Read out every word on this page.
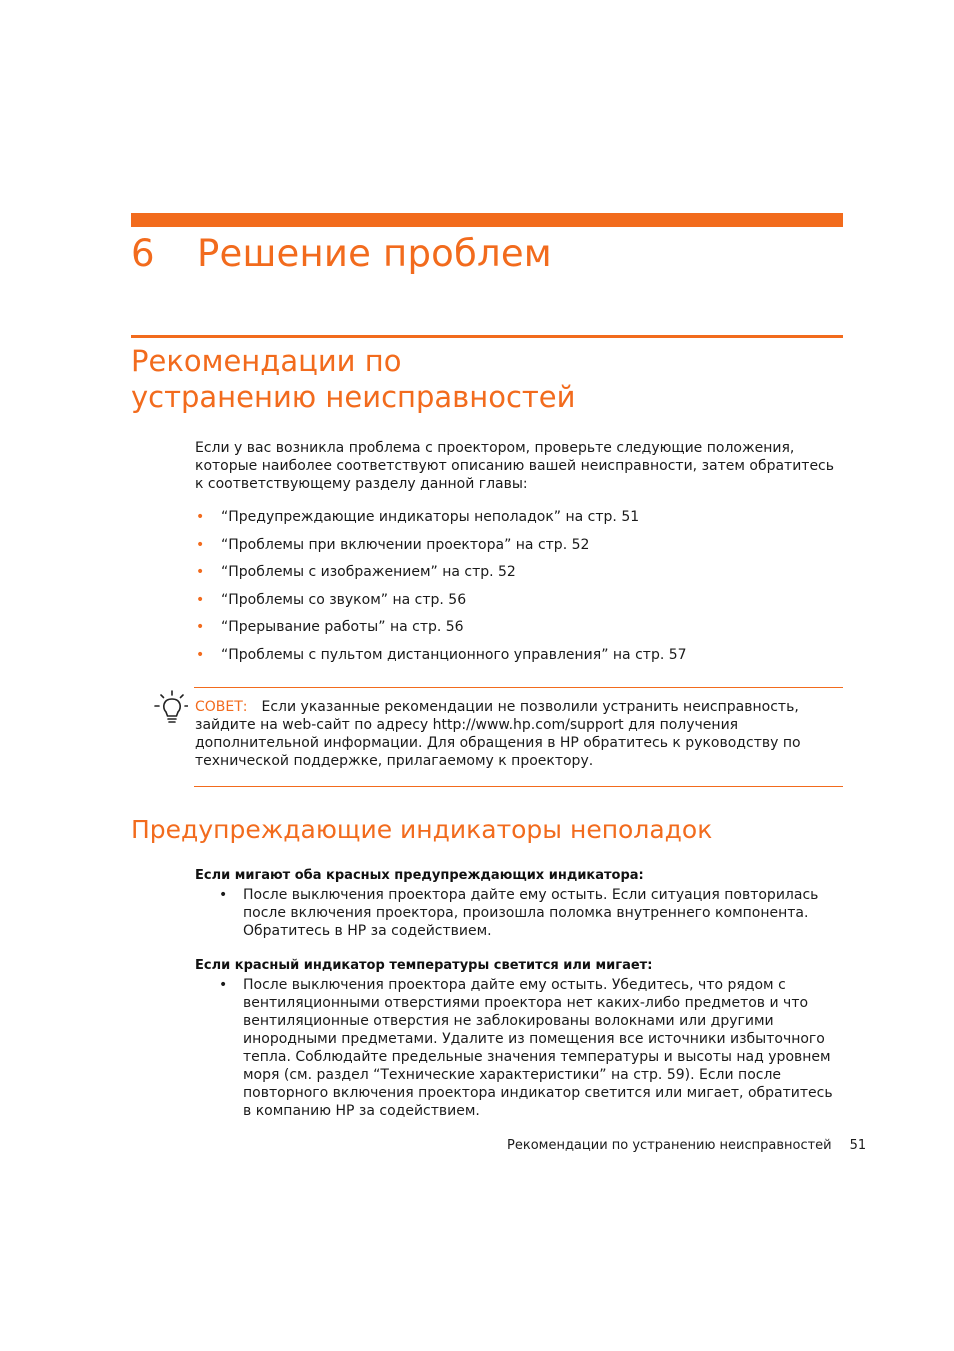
6 Решение проблем
Рекомендации по
устранению неисправностей
Если у вас возникла проблема с проектором, проверьте следующие положения, которые наиболее соответствуют описанию вашей неисправности, затем обратитесь к соответствующему разделу данной главы:
• “Предупреждающие индикаторы неполадок” на стр. 51
• “Проблемы при включении проектора” на стр. 52
• “Проблемы с изображением” на стр. 52
• “Проблемы со звуком” на стр. 56
• “Прерывание работы” на стр. 56
• “Проблемы с пультом дистанционного управления” на стр. 57
СОВЕТ: Если указанные рекомендации не позволили устранить неисправность, зайдите на web-сайт по адресу http://www.hp.com/support для получения дополнительной информации. Для обращения в HP обратитесь к руководству по технической поддержке, прилагаемому к проектору.
Предупреждающие индикаторы неполадок
Если мигают оба красных предупреждающих индикатора:
• После выключения проектора дайте ему остыть. Если ситуация повторилась после включения проектора, произошла поломка внутреннего компонента. Обратитесь в HP за содействием.
Если красный индикатор температуры светится или мигает:
• После выключения проектора дайте ему остыть. Убедитесь, что рядом с вентиляционными отверстиями проектора нет каких-либо предметов и что вентиляционные отверстия не заблокированы волокнами или другими инородными предметами. Удалите из помещения все источники избыточного тепла. Соблюдайте предельные значения температуры и высоты над уровнем моря (см. раздел “Технические характеристики” на стр. 59). Если после повторного включения проектора индикатор светится или мигает, обратитесь в компанию HP за содействием.
Рекомендации по устранению неисправностей 51
